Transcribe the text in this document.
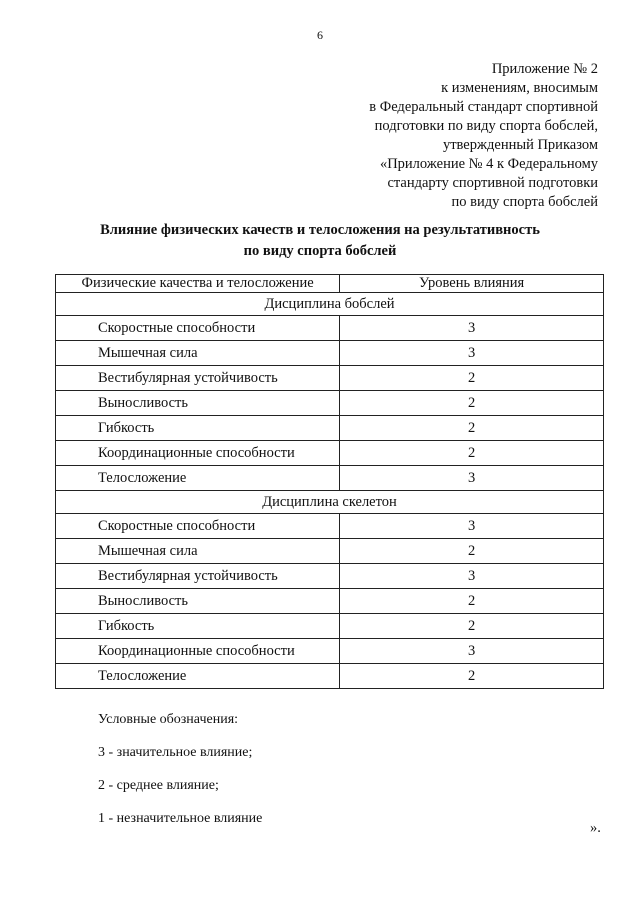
6
Приложение № 2
к изменениям, вносимым
в Федеральный стандарт спортивной
подготовки по виду спорта бобслей,
утвержденный Приказом
«Приложение № 4 к Федеральному
стандарту спортивной подготовки
по виду спорта бобслей
Влияние физических качеств и телосложения на результативность
по виду спорта бобслей
Физические качества и телосложение	Уровень влияния
Дисциплина бобслей	
Скоростные способности	3
Мышечная сила	3
Вестибулярная устойчивость	2
Выносливость	2
Гибкость	2
Координационные способности	2
Телосложение	3
Дисциплина скелетон	
Скоростные способности	3
Мышечная сила	2
Вестибулярная устойчивость	3
Выносливость	2
Гибкость	2
Координационные способности	3
Телосложение	2
Условные обозначения:
3 - значительное влияние;
2 - среднее влияние;
1 - незначительное влияние
».
